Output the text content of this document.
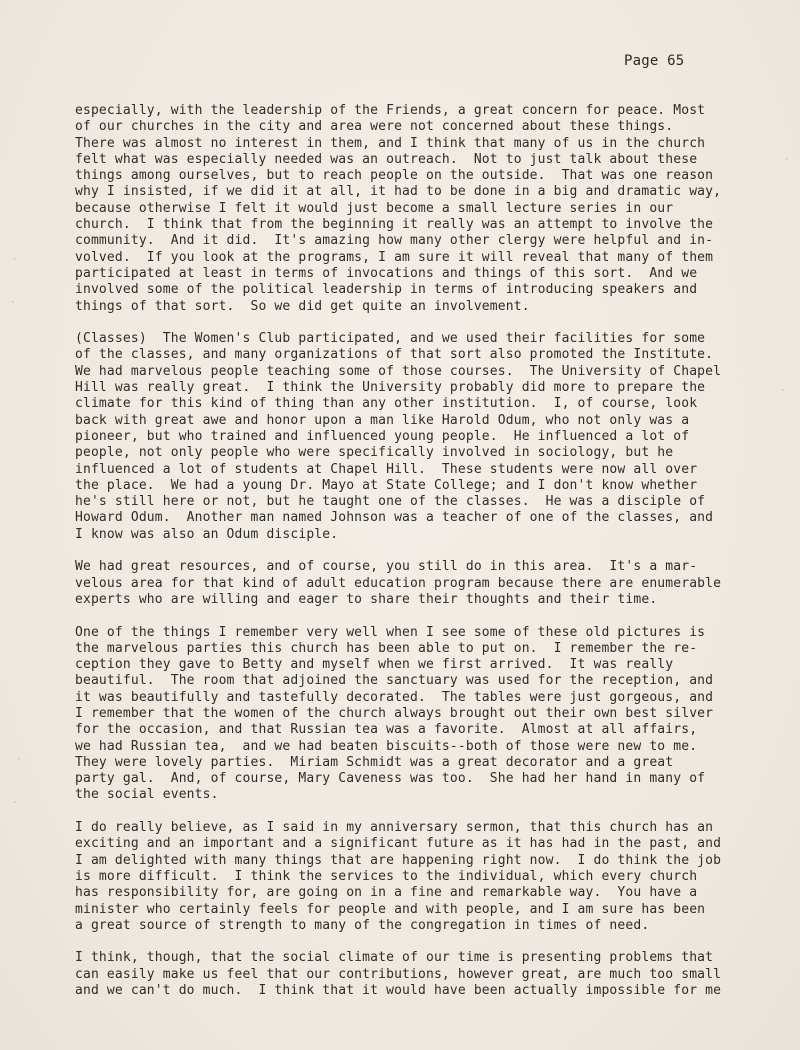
Page 65
especially, with the leadership of the Friends, a great concern for peace. Most
of our churches in the city and area were not concerned about these things.
There was almost no interest in them, and I think that many of us in the church
felt what was especially needed was an outreach.  Not to just talk about these
things among ourselves, but to reach people on the outside.  That was one reason
why I insisted, if we did it at all, it had to be done in a big and dramatic way,
because otherwise I felt it would just become a small lecture series in our
church.  I think that from the beginning it really was an attempt to involve the
community.  And it did.  It's amazing how many other clergy were helpful and in-
volved.  If you look at the programs, I am sure it will reveal that many of them
participated at least in terms of invocations and things of this sort.  And we
involved some of the political leadership in terms of introducing speakers and
things of that sort.  So we did get quite an involvement.
(Classes)  The Women's Club participated, and we used their facilities for some
of the classes, and many organizations of that sort also promoted the Institute.
We had marvelous people teaching some of those courses.  The University of Chapel
Hill was really great.  I think the University probably did more to prepare the
climate for this kind of thing than any other institution.  I, of course, look
back with great awe and honor upon a man like Harold Odum, who not only was a
pioneer, but who trained and influenced young people.  He influenced a lot of
people, not only people who were specifically involved in sociology, but he
influenced a lot of students at Chapel Hill.  These students were now all over
the place.  We had a young Dr. Mayo at State College; and I don't know whether
he's still here or not, but he taught one of the classes.  He was a disciple of
Howard Odum.  Another man named Johnson was a teacher of one of the classes, and
I know was also an Odum disciple.
We had great resources, and of course, you still do in this area.  It's a mar-
velous area for that kind of adult education program because there are enumerable
experts who are willing and eager to share their thoughts and their time.
One of the things I remember very well when I see some of these old pictures is
the marvelous parties this church has been able to put on.  I remember the re-
ception they gave to Betty and myself when we first arrived.  It was really
beautiful.  The room that adjoined the sanctuary was used for the reception, and
it was beautifully and tastefully decorated.  The tables were just gorgeous, and
I remember that the women of the church always brought out their own best silver
for the occasion, and that Russian tea was a favorite.  Almost at all affairs,
we had Russian tea,  and we had beaten biscuits--both of those were new to me.
They were lovely parties.  Miriam Schmidt was a great decorator and a great
party gal.  And, of course, Mary Caveness was too.  She had her hand in many of
the social events.
I do really believe, as I said in my anniversary sermon, that this church has an
exciting and an important and a significant future as it has had in the past, and
I am delighted with many things that are happening right now.  I do think the job
is more difficult.  I think the services to the individual, which every church
has responsibility for, are going on in a fine and remarkable way.  You have a
minister who certainly feels for people and with people, and I am sure has been
a great source of strength to many of the congregation in times of need.
I think, though, that the social climate of our time is presenting problems that
can easily make us feel that our contributions, however great, are much too small
and we can't do much.  I think that it would have been actually impossible for me
·
·
·
·
·
·
